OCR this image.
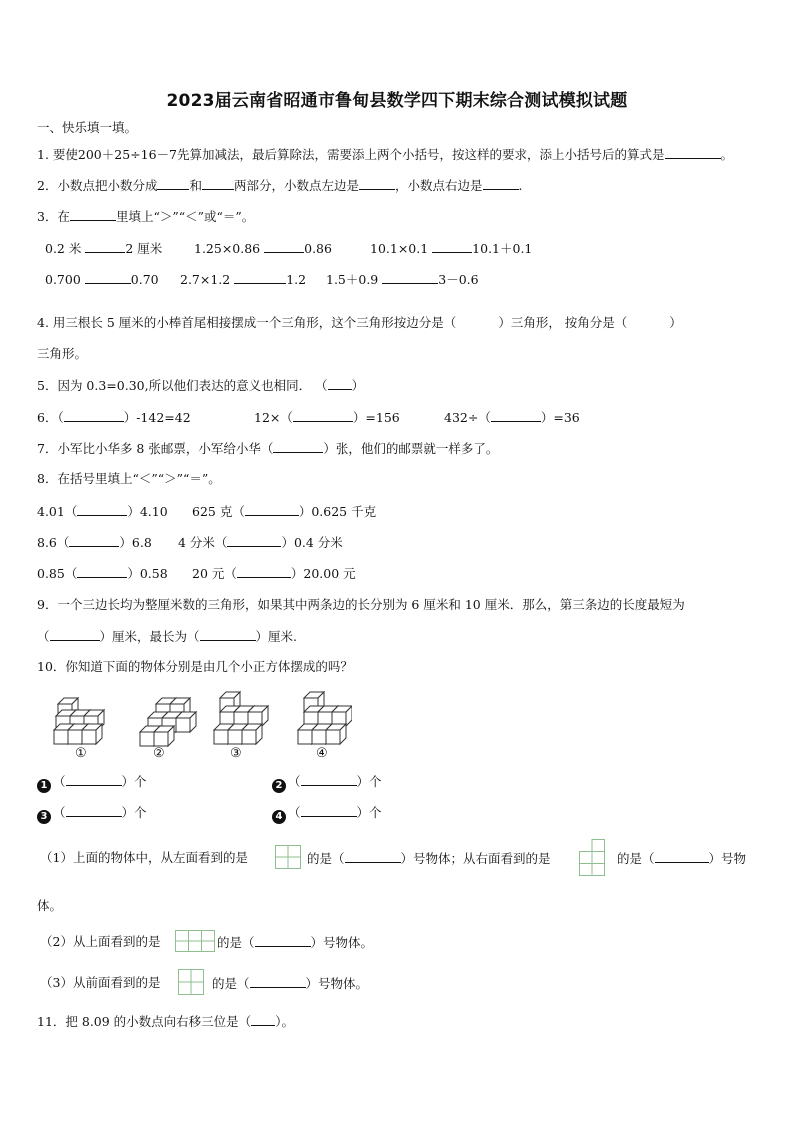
2023届云南省昭通市鲁甸县数学四下期末综合测试模拟试题
一、快乐填一填。
1. 要使200＋25÷16－7先算加减法，最后算除法，需要添上两个小括号，按这样的要求，添上小括号后的算式是	。
2．小数点把小数分成	和	两部分，小数点左边是	，小数点右边是	.
3．在	里填上“＞”“＜”或“＝”。
0.2 米	2 厘米	1.25×0.86	0.86	10.1×0.1	10.1＋0.1
0.700	0.70 2.7×1.2	1.2 1.5＋0.9	3－0.6
4. 用三根长 5 厘米的小棒首尾相接摆成一个三角形，这个三角形按边分是（	）三角形， 按角分是（	）
三角形。
5．因为 0.3=0.30,所以他们表达的意义也相同． （ ）
6．（	）-142=42	12×（	）=156	432÷（	）=36
7．小军比小华多 8 张邮票，小军给小华（	）张，他们的邮票就一样多了。
8．在括号里填上“＜”“＞”“＝”。
4.01（	）4.10 625 克（	）0.625 千克
8.6（	）6.8 4 分米（	）0.4 分米
0.85（	）0.58 20 元（	）20.00 元
9．一个三边长均为整厘米数的三角形，如果其中两条边的长分别为 6 厘米和 10 厘米．那么，第三条边的长度最短为
（	）厘米，最长为（	）厘米.
10．你知道下面的物体分别是由几个小正方体摆成的吗？
①	②	③	④
1 （	）个	2 （	）个
3 （	）个	4 （	）个
（1）上面的物体中，从左面看到的是	的是（	）号物体；从右面看到的是	的是（	）号物
体。
（2）从上面看到的是	的是（	）号物体。
（3）从前面看到的是	的是（	）号物体。
11．把 8.09 的小数点向右移三位是（ ）。
